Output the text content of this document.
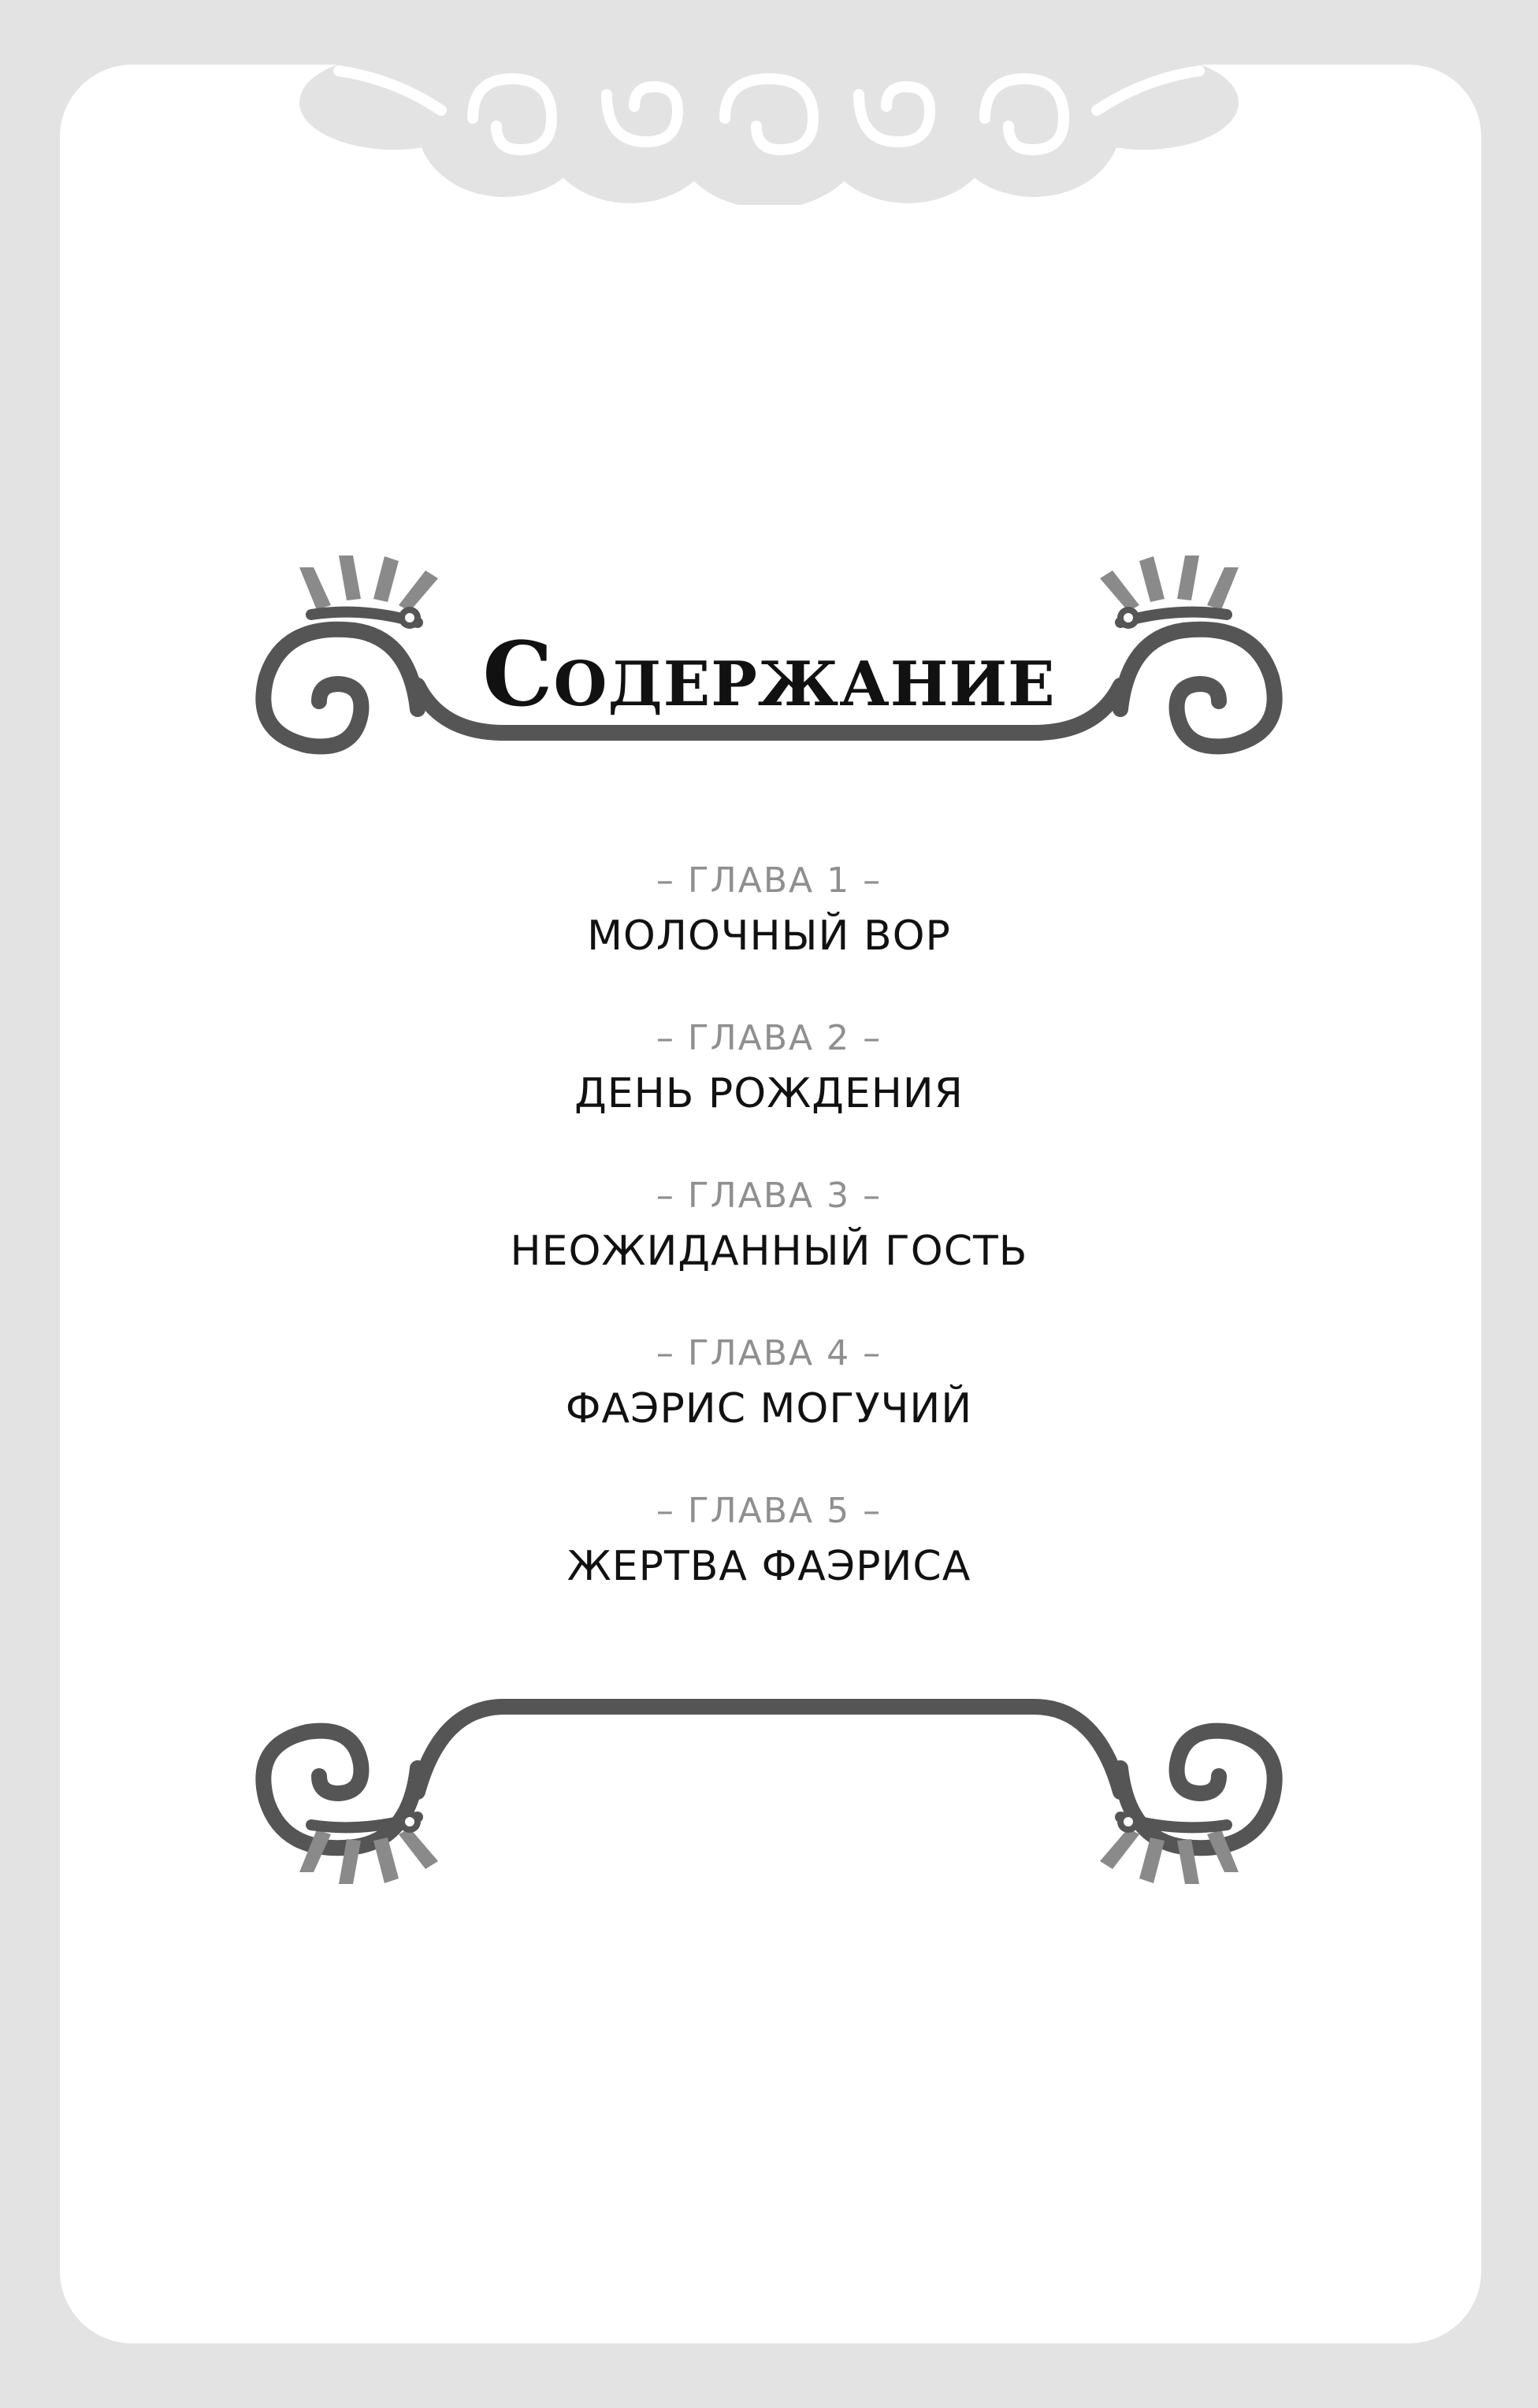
Содержание
– ГЛАВА 1 –
МОЛОЧНЫЙ ВОР
– ГЛАВА 2 –
ДЕНЬ РОЖДЕНИЯ
– ГЛАВА 3 –
НЕОЖИДАННЫЙ ГОСТЬ
– ГЛАВА 4 –
ФАЭРИС МОГУЧИЙ
– ГЛАВА 5 –
ЖЕРТВА ФАЭРИСА
